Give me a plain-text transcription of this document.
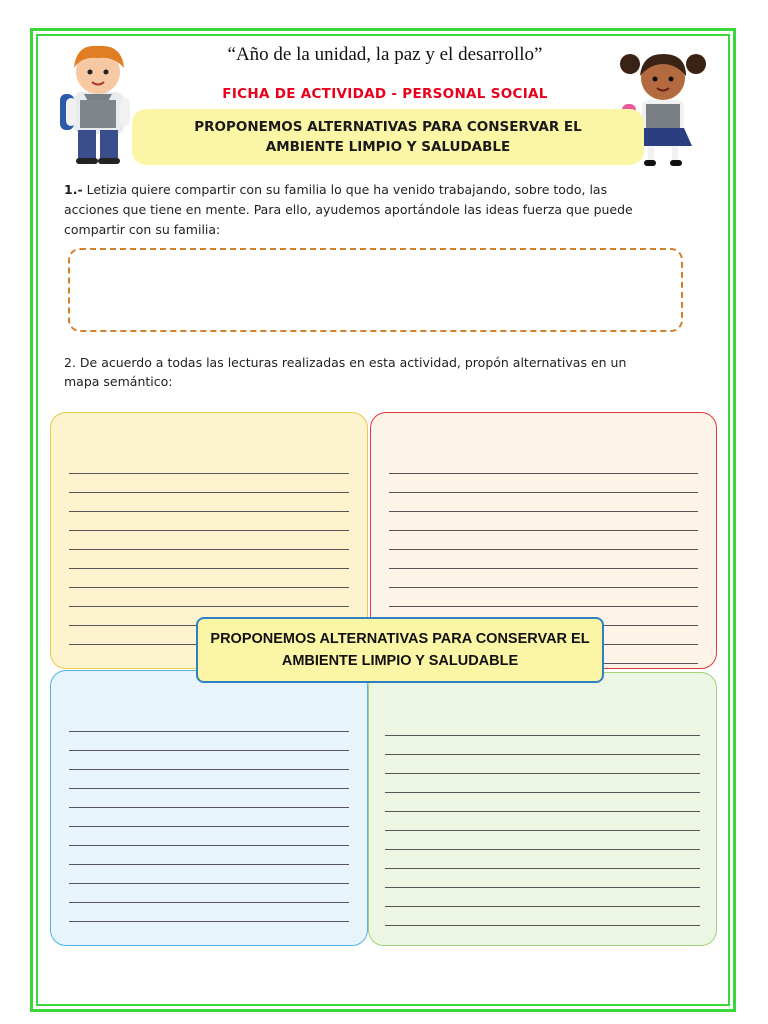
“Año de la unidad, la paz y el desarrollo”
FICHA DE ACTIVIDAD - PERSONAL SOCIAL
PROPONEMOS ALTERNATIVAS PARA CONSERVAR EL AMBIENTE LIMPIO Y SALUDABLE
1.- Letizia quiere compartir con su familia lo que ha venido trabajando, sobre todo, las acciones que tiene en mente. Para ello, ayudemos aportándole las ideas fuerza que puede compartir con su familia:
2. De acuerdo a todas las lecturas realizadas en esta actividad, propón alternativas en un mapa semántico:
PROPONEMOS ALTERNATIVAS PARA CONSERVAR EL AMBIENTE LIMPIO Y SALUDABLE
